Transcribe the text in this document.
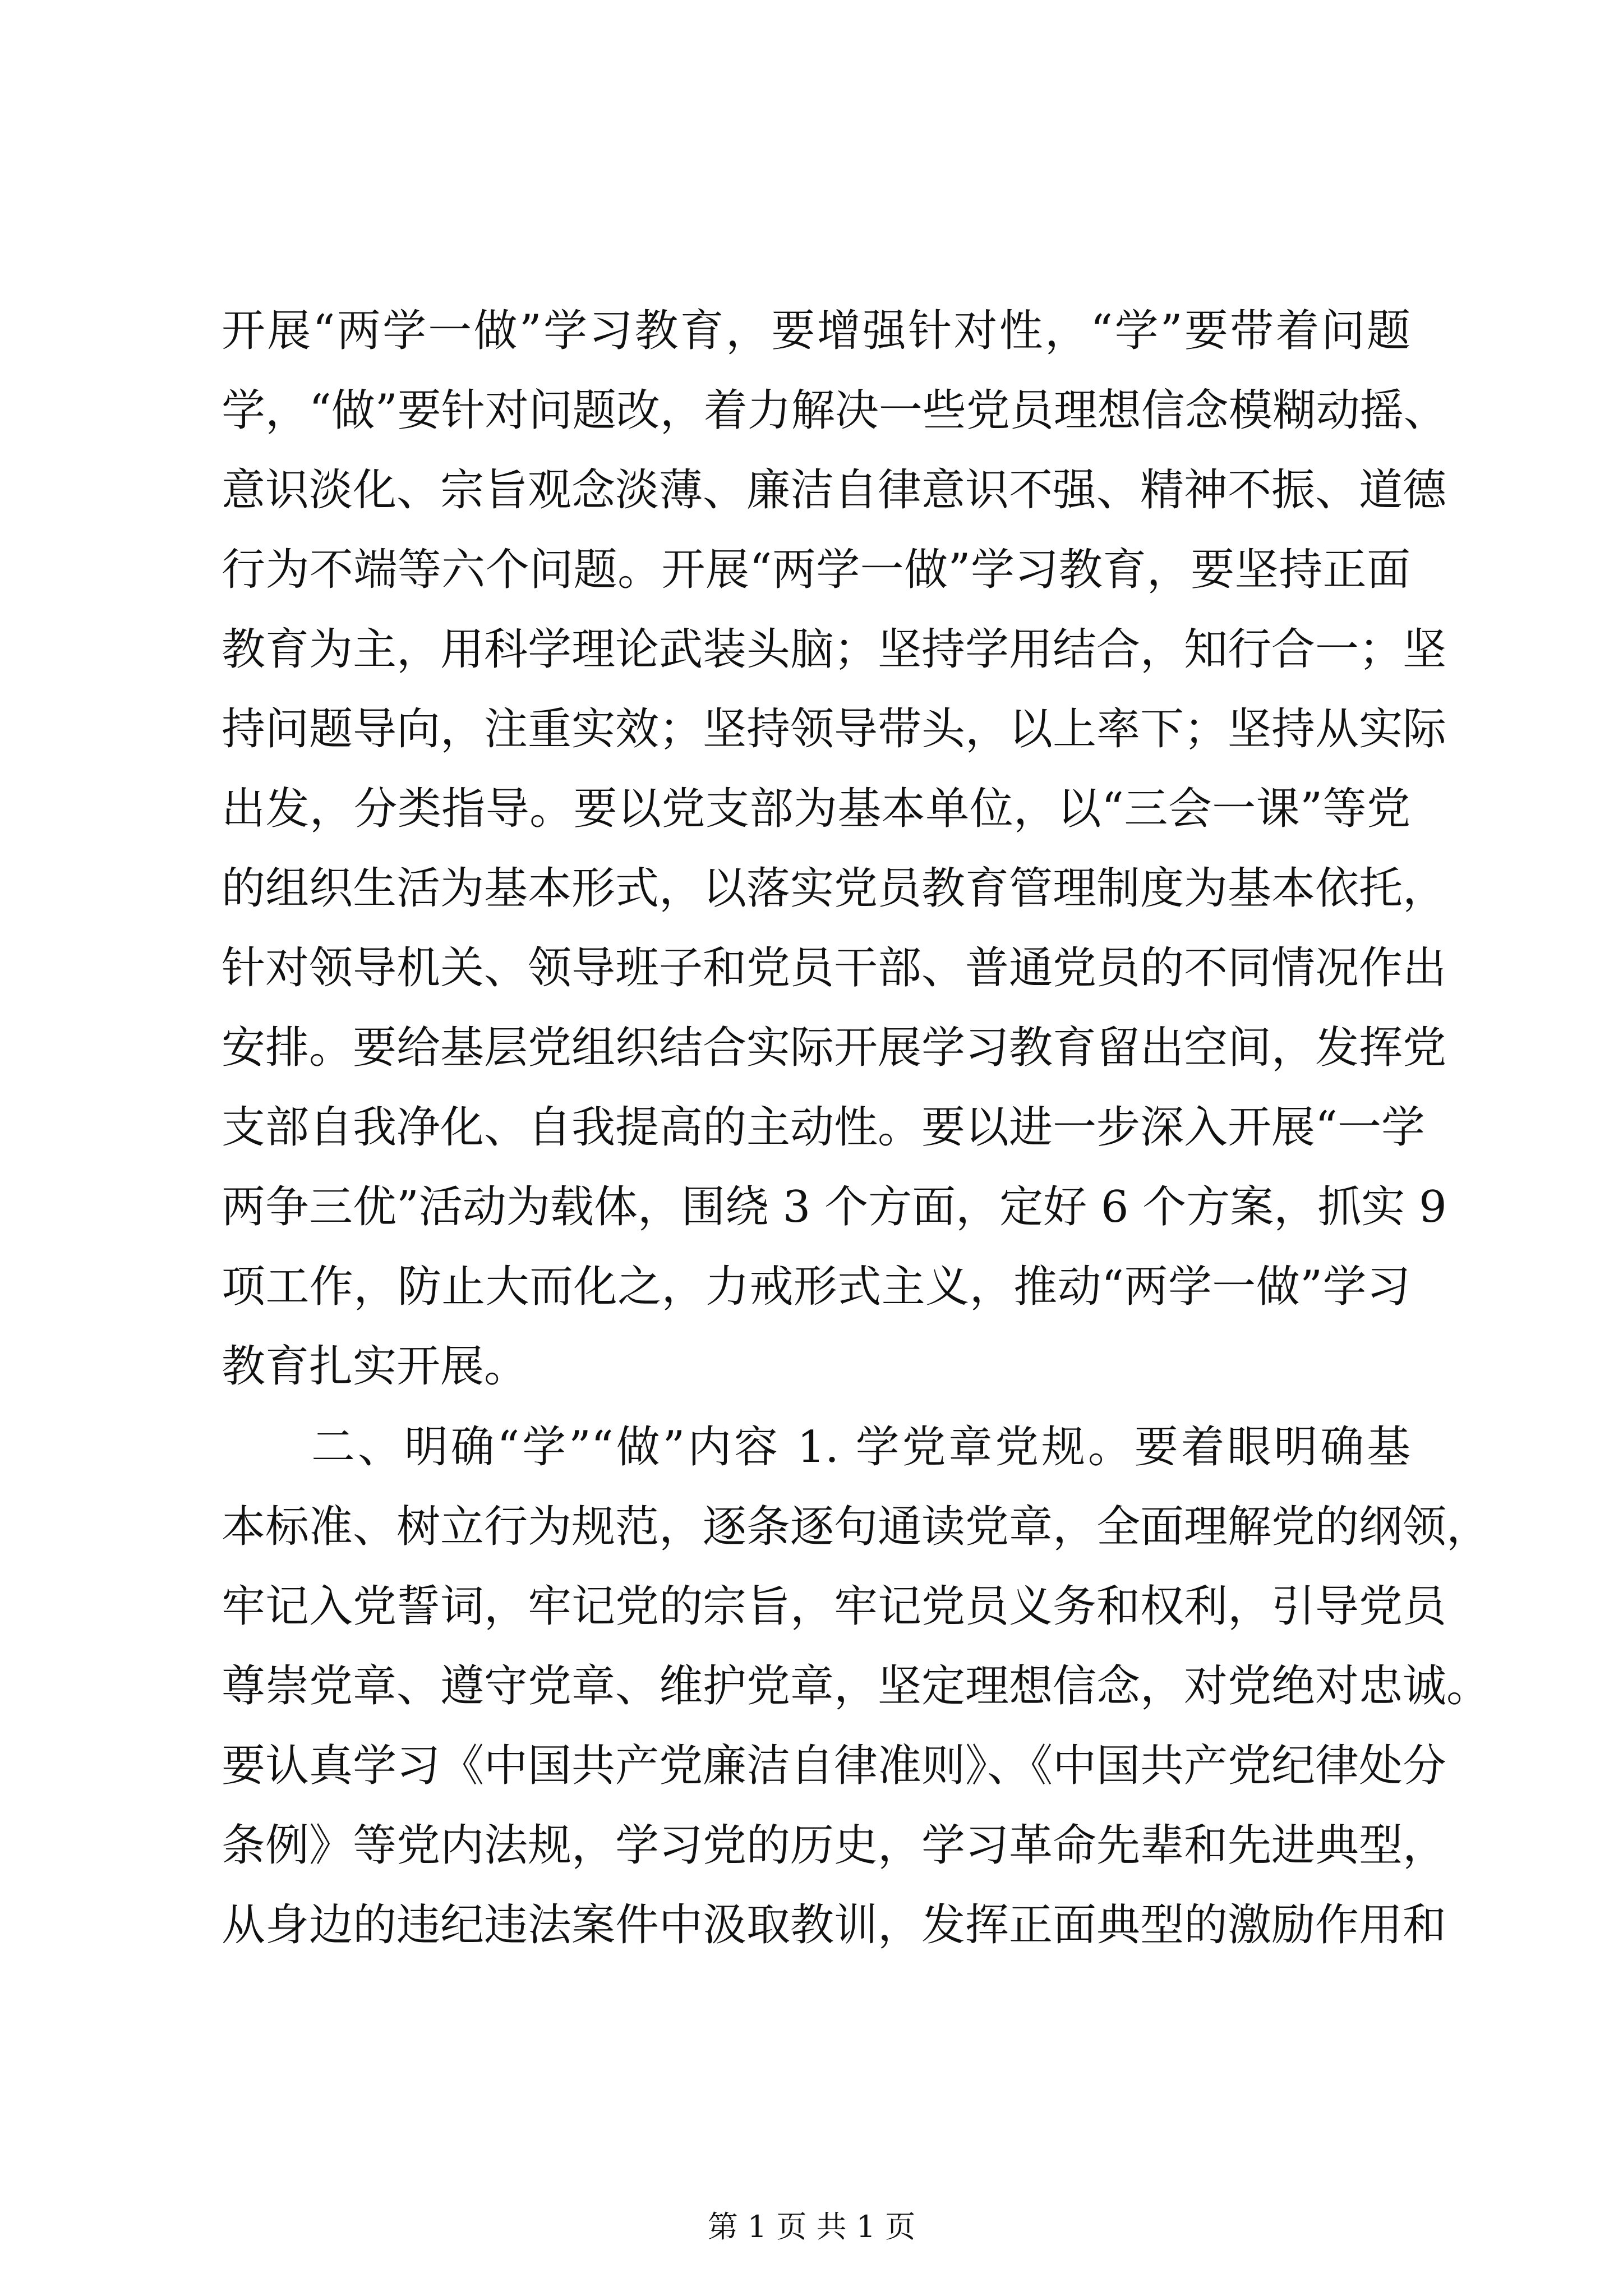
开展“两学一做”学习教育，要增强针对性，“学”要带着问题
学，“做”要针对问题改，着力解决一些党员理想信念模糊动摇、
意识淡化、宗旨观念淡薄、廉洁自律意识不强、精神不振、道德
行为不端等六个问题。开展“两学一做”学习教育，要坚持正面
教育为主，用科学理论武装头脑；坚持学用结合，知行合一；坚
持问题导向，注重实效；坚持领导带头，以上率下；坚持从实际
出发，分类指导。要以党支部为基本单位，以“三会一课”等党
的组织生活为基本形式，以落实党员教育管理制度为基本依托，
针对领导机关、领导班子和党员干部、普通党员的不同情况作出
安排。要给基层党组织结合实际开展学习教育留出空间，发挥党
支部自我净化、自我提高的主动性。要以进一步深入开展“一学
两争三优”活动为载体，围绕 3 个方面，定好 6 个方案，抓实 9
项工作，防止大而化之，力戒形式主义，推动“两学一做”学习
教育扎实开展。
二、明确“学”“做”内容 1. 学党章党规。要着眼明确基
本标准、树立行为规范，逐条逐句通读党章，全面理解党的纲领，
牢记入党誓词，牢记党的宗旨，牢记党员义务和权利，引导党员
尊崇党章、遵守党章、维护党章，坚定理想信念，对党绝对忠诚。
要认真学习《中国共产党廉洁自律准则》、《中国共产党纪律处分
条例》等党内法规，学习党的历史，学习革命先辈和先进典型，
从身边的违纪违法案件中汲取教训，发挥正面典型的激励作用和
第 1 页 共 1 页
